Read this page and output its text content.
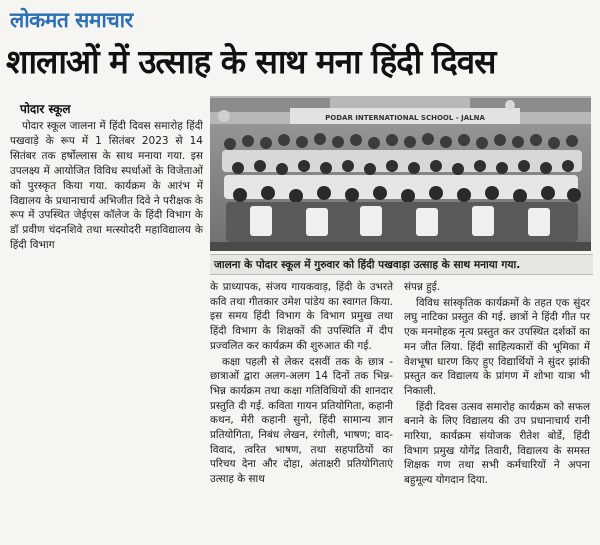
लोकमत समाचार
शालाओं में उत्साह के साथ मना हिंदी दिवस
पोदार स्कूल

पोदार स्कूल जालना में हिंदी दिवस समारोह हिंदी पखवाड़े के रूप में 1 सितंबर 2023 से 14 सितंबर तक हर्षोल्लास के साथ मनाया गया. इस उपलक्ष्य में आयोजित विविध स्पर्धाओं के विजेताओं को पुरस्कृत किया गया. कार्यक्रम के आरंभ में विद्यालय के प्रधानाचार्य अभिजीत दिवे ने परीक्षक के रूप में उपस्थित जेईएस कॉलेज के हिंदी विभाग के डॉ प्रवीण चंदनशिवे तथा मत्स्योदरी महाविद्यालय के हिंदी विभाग

PODAR INTERNATIONAL SCHOOL - JALNA
जालना के पोदार स्कूल में गुरुवार को हिंदी पखवाड़ा उत्साह के साथ मनाया गया.

के प्राध्यापक, संजय गायकवाड़, हिंदी के उभरते कवि तथा गीतकार उमेश पांडेय का स्वागत किया. इस समय हिंदी विभाग के विभाग प्रमुख तथा हिंदी विभाग के शिक्षकों की उपस्थिति में दीप प्रज्वलित कर कार्यक्रम की शुरुआत की गई.

कक्षा पहली से लेकर दसवीं तक के छात्र - छात्राओं द्वारा अलग-अलग 14 दिनों तक भिन्न-भिन्न कार्यक्रम तथा कक्षा गतिविधियों की शानदार प्रस्तुति दी गई. कविता गायन प्रतियोगिता, कहानी कथन, मेरी कहानी सुनो, हिंदी सामान्य ज्ञान प्रतियोगिता, निबंध लेखन, रंगोली, भाषण; वाद-विवाद, त्वरित भाषण, तथा सहपाठियों का परिचय देना और दोहा, अंताक्षरी प्रतियोगिताएं उत्साह के साथ

संपन्न हुई.

विविध सांस्कृतिक कार्यक्रमों के तहत एक सुंदर लघु नाटिका प्रस्तुत की गई. छात्रों ने हिंदी गीत पर एक मनमोहक नृत्य प्रस्तुत कर उपस्थित दर्शकों का मन जीत लिया. हिंदी साहित्यकारों की भूमिका में वेशभूषा धारण किए हुए विद्यार्थियों ने सुंदर झांकी प्रस्तुत कर विद्यालय के प्रांगण में शोभा यात्रा भी निकाली.

हिंदी दिवस उत्सव समारोह कार्यक्रम को सफल बनाने के लिए विद्यालय की उप प्रधानाचार्य रानी मारिया, कार्यक्रम संयोजक रीतेश बोर्डे, हिंदी विभाग प्रमुख योगेंद्र तिवारी, विद्यालय के समस्त शिक्षक गण तथा सभी कर्मचारियों ने अपना बहुमूल्य योगदान दिया.
